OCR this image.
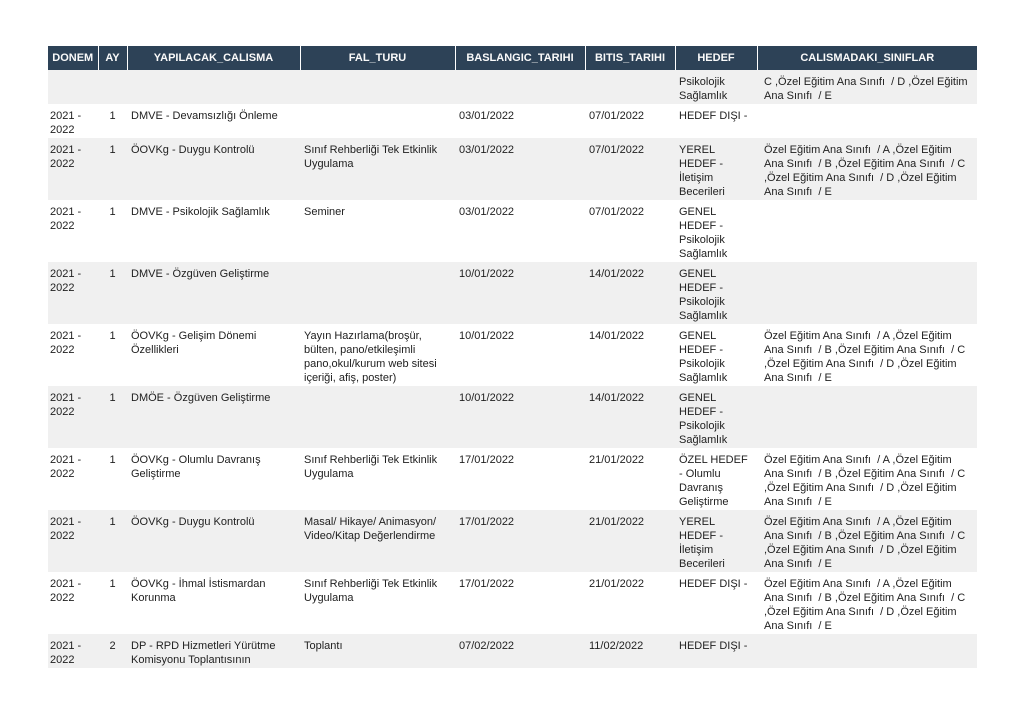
DONEM	AY	YAPILACAK_CALISMA	FAL_TURU	BASLANGIC_TARIHI	BITIS_TARIHI	HEDEF	CALISMADAKI_SINIFLAR
						Psikolojik Sağlamlık	C ,Özel Eğitim Ana Sınıfı  / D ,Özel Eğitim Ana Sınıfı  / E
2021 - 2022	1	DMVE - Devamsızlığı Önleme		03/01/2022	07/01/2022	HEDEF DIŞI -	
2021 - 2022	1	ÖOVKg - Duygu Kontrolü	Sınıf Rehberliği Tek Etkinlik Uygulama	03/01/2022	07/01/2022	YEREL HEDEF - İletişim Becerileri	Özel Eğitim Ana Sınıfı  / A ,Özel Eğitim Ana Sınıfı  / B ,Özel Eğitim Ana Sınıfı  / C ,Özel Eğitim Ana Sınıfı  / D ,Özel Eğitim Ana Sınıfı  / E
2021 - 2022	1	DMVE - Psikolojik Sağlamlık	Seminer	03/01/2022	07/01/2022	GENEL HEDEF - Psikolojik Sağlamlık	
2021 - 2022	1	DMVE - Özgüven Geliştirme		10/01/2022	14/01/2022	GENEL HEDEF - Psikolojik Sağlamlık	
2021 - 2022	1	ÖOVKg - Gelişim Dönemi Özellikleri	Yayın Hazırlama(broşür, bülten, pano/etkileşimli pano,okul/kurum web sitesi içeriği, afiş, poster)	10/01/2022	14/01/2022	GENEL HEDEF - Psikolojik Sağlamlık	Özel Eğitim Ana Sınıfı  / A ,Özel Eğitim Ana Sınıfı  / B ,Özel Eğitim Ana Sınıfı  / C ,Özel Eğitim Ana Sınıfı  / D ,Özel Eğitim Ana Sınıfı  / E
2021 - 2022	1	DMÖE - Özgüven Geliştirme		10/01/2022	14/01/2022	GENEL HEDEF - Psikolojik Sağlamlık	
2021 - 2022	1	ÖOVKg - Olumlu Davranış Geliştirme	Sınıf Rehberliği Tek Etkinlik Uygulama	17/01/2022	21/01/2022	ÖZEL HEDEF - Olumlu Davranış Geliştirme	Özel Eğitim Ana Sınıfı  / A ,Özel Eğitim Ana Sınıfı  / B ,Özel Eğitim Ana Sınıfı  / C ,Özel Eğitim Ana Sınıfı  / D ,Özel Eğitim Ana Sınıfı  / E
2021 - 2022	1	ÖOVKg - Duygu Kontrolü	Masal/ Hikaye/ Animasyon/ Video/Kitap Değerlendirme	17/01/2022	21/01/2022	YEREL HEDEF - İletişim Becerileri	Özel Eğitim Ana Sınıfı  / A ,Özel Eğitim Ana Sınıfı  / B ,Özel Eğitim Ana Sınıfı  / C ,Özel Eğitim Ana Sınıfı  / D ,Özel Eğitim Ana Sınıfı  / E
2021 - 2022	1	ÖOVKg - İhmal İstismardan Korunma	Sınıf Rehberliği Tek Etkinlik Uygulama	17/01/2022	21/01/2022	HEDEF DIŞI -	Özel Eğitim Ana Sınıfı  / A ,Özel Eğitim Ana Sınıfı  / B ,Özel Eğitim Ana Sınıfı  / C ,Özel Eğitim Ana Sınıfı  / D ,Özel Eğitim Ana Sınıfı  / E
2021 - 2022	2	DP - RPD Hizmetleri Yürütme Komisyonu Toplantısının	Toplantı	07/02/2022	11/02/2022	HEDEF DIŞI -	
